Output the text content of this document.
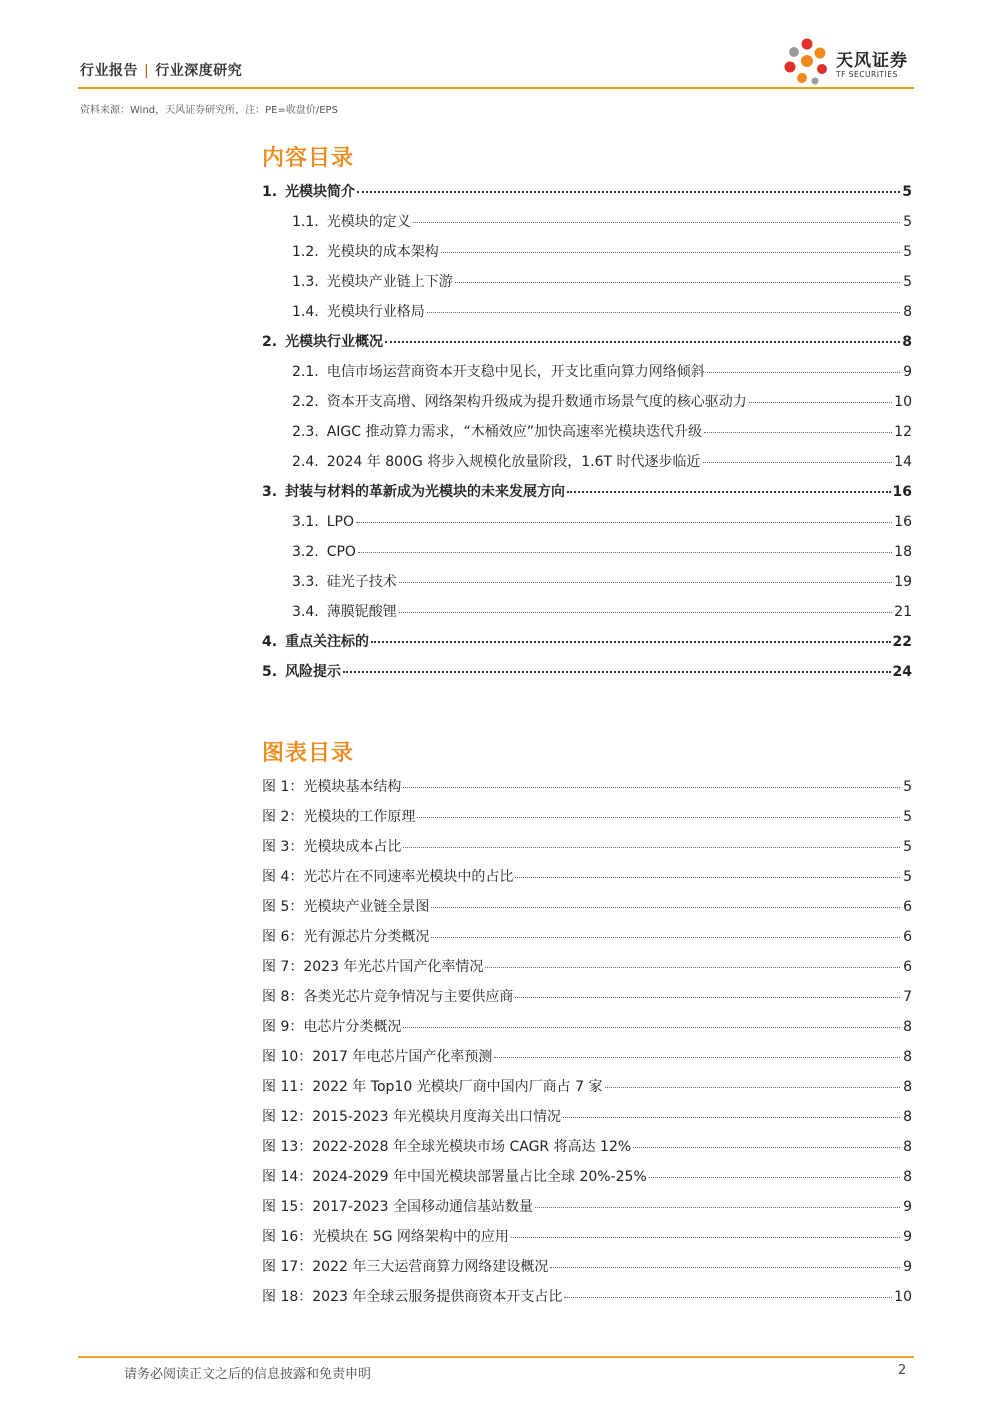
行业报告 | 行业深度研究	天风证券
TF SECURITIES
资料来源：Wind，天风证券研究所，注：PE=收盘价/EPS
内容目录
1. 光模块简介	5
1.1. 光模块的定义	5
1.2. 光模块的成本架构	5
1.3. 光模块产业链上下游	5
1.4. 光模块行业格局	8
2. 光模块行业概况	8
2.1. 电信市场运营商资本开支稳中见长，开支比重向算力网络倾斜	9
2.2. 资本开支高增、网络架构升级成为提升数通市场景气度的核心驱动力	10
2.3. AIGC 推动算力需求，“木桶效应”加快高速率光模块迭代升级	12
2.4. 2024 年 800G 将步入规模化放量阶段，1.6T 时代逐步临近	14
3. 封装与材料的革新成为光模块的未来发展方向	16
3.1. LPO	16
3.2. CPO	18
3.3. 硅光子技术	19
3.4. 薄膜铌酸锂	21
4. 重点关注标的	22
5. 风险提示	24
图表目录
图 1：光模块基本结构	5
图 2：光模块的工作原理	5
图 3：光模块成本占比	5
图 4：光芯片在不同速率光模块中的占比	5
图 5：光模块产业链全景图	6
图 6：光有源芯片分类概况	6
图 7：2023 年光芯片国产化率情况	6
图 8：各类光芯片竞争情况与主要供应商	7
图 9：电芯片分类概况	8
图 10：2017 年电芯片国产化率预测	8
图 11：2022 年 Top10 光模块厂商中国内厂商占 7 家	8
图 12：2015-2023 年光模块月度海关出口情况	8
图 13：2022-2028 年全球光模块市场 CAGR 将高达 12%	8
图 14：2024-2029 年中国光模块部署量占比全球 20%-25%	8
图 15：2017-2023 全国移动通信基站数量	9
图 16：光模块在 5G 网络架构中的应用	9
图 17：2022 年三大运营商算力网络建设概况	9
图 18：2023 年全球云服务提供商资本开支占比	10
请务必阅读正文之后的信息披露和免责申明	2
